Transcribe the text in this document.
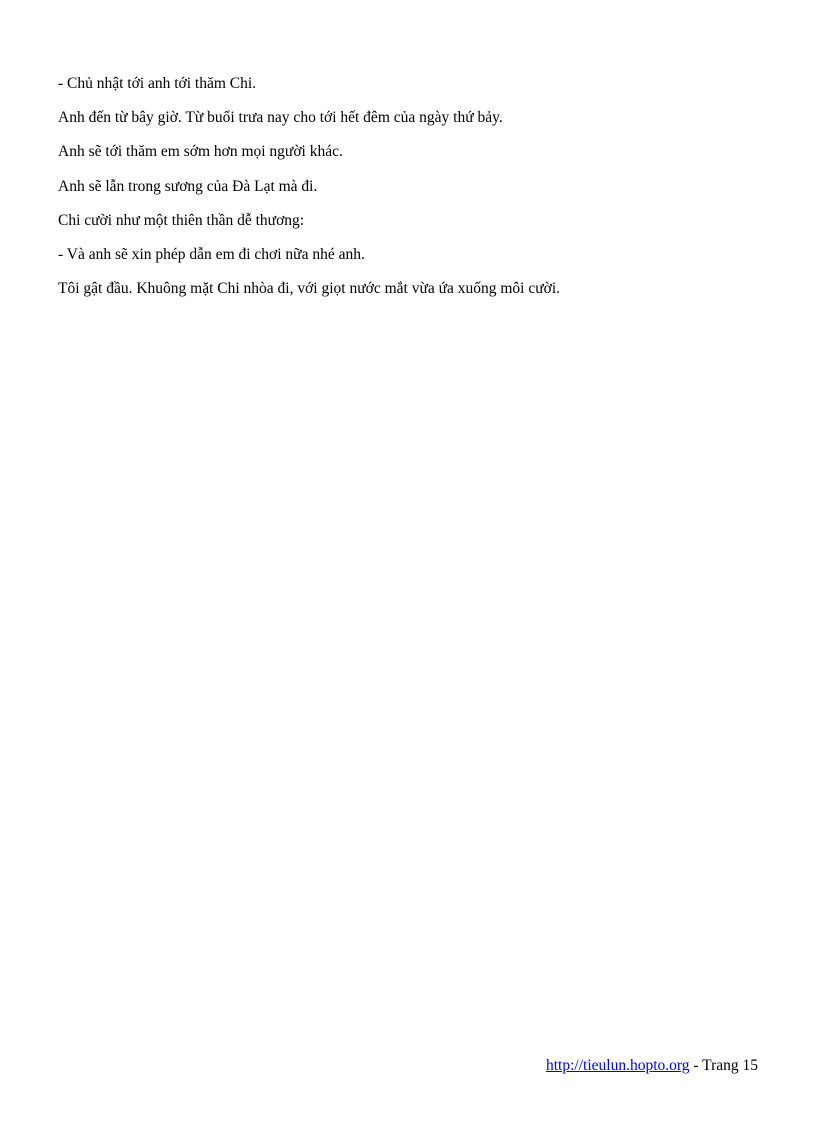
- Chủ nhật tới anh tới thăm Chi.

Anh đến từ bây giờ. Từ buổi trưa nay cho tới hết đêm của ngày thứ bảy.

Anh sẽ tới thăm em sớm hơn mọi người khác.

Anh sẽ lẫn trong sương của Đà Lạt mà đi.

Chi cười như một thiên thần dễ thương:

- Và anh sẽ xin phép dẫn em đi chơi nữa nhé anh.

Tôi gật đầu. Khuông mặt Chi nhòa đi, với giọt nước mắt vừa ứa xuống môi cười.

http://tieulun.hopto.org - Trang 15
